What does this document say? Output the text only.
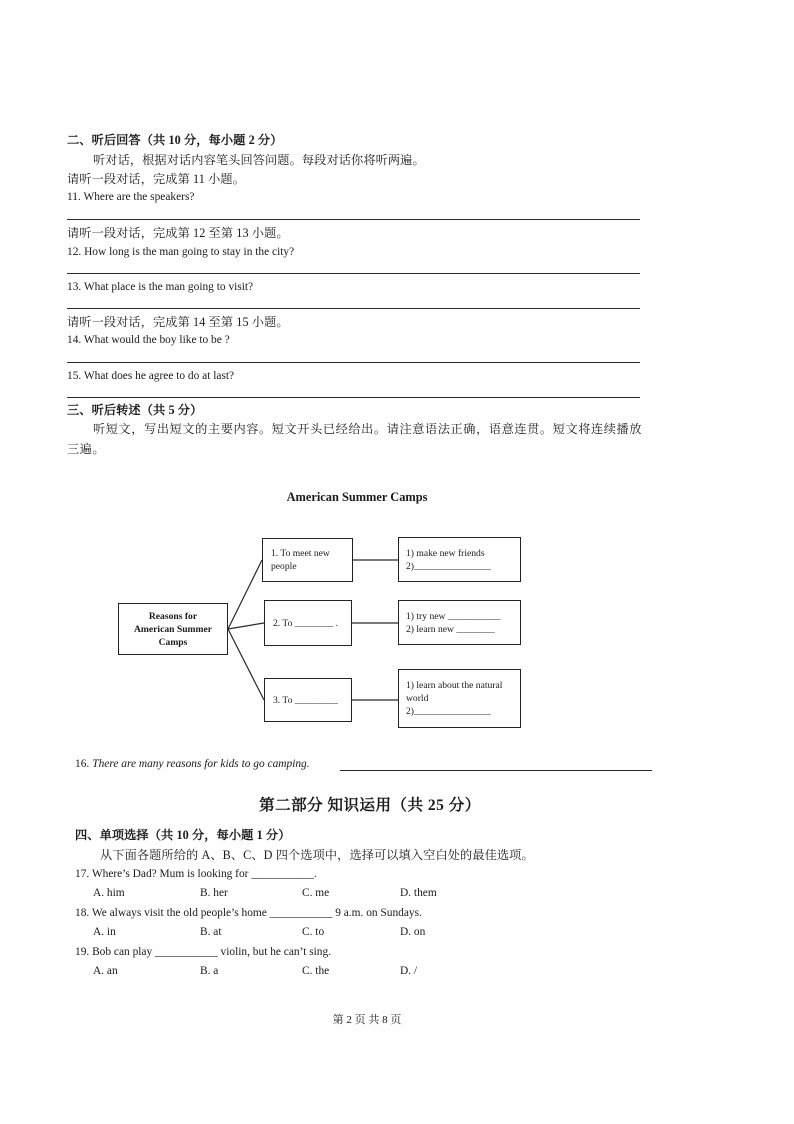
二、听后回答（共 10 分，每小题 2 分）
听对话，根据对话内容笔头回答问题。每段对话你将听两遍。
请听一段对话，完成第 11 小题。
11. Where are the speakers?
请听一段对话，完成第 12 至第 13 小题。
12. How long is the man going to stay in the city?
13. What place is the man going to visit?
请听一段对话，完成第 14 至第 15 小题。
14. What would the boy like to be ?
15. What does he agree to do at last?
三、听后转述（共 5 分）
听短文，写出短文的主要内容。短文开头已经给出。请注意语法正确，语意连贯。短文将连续播放三遍。
American Summer Camps
Reasons for American Summer Camps
1. To meet new people
2. To ________ .
3. To _________
1) make new friends
2)________________
1) try new ___________
2) learn new ________
1) learn about the natural world
2)________________
16. There are many reasons for kids to go camping.
第二部分 知识运用（共 25 分）
四、单项选择（共 10 分，每小题 1 分）
从下面各题所给的 A、B、C、D 四个选项中，选择可以填入空白处的最佳选项。
17. Where’s Dad? Mum is looking for ___________.
A. him	B. her	C. me	D. them
18. We always visit the old people’s home ___________ 9 a.m. on Sundays.
A. in	B. at	C. to	D. on
19. Bob can play ___________ violin, but he can’t sing.
A. an	B. a	C. the	D. /
第 2 页 共 8 页
